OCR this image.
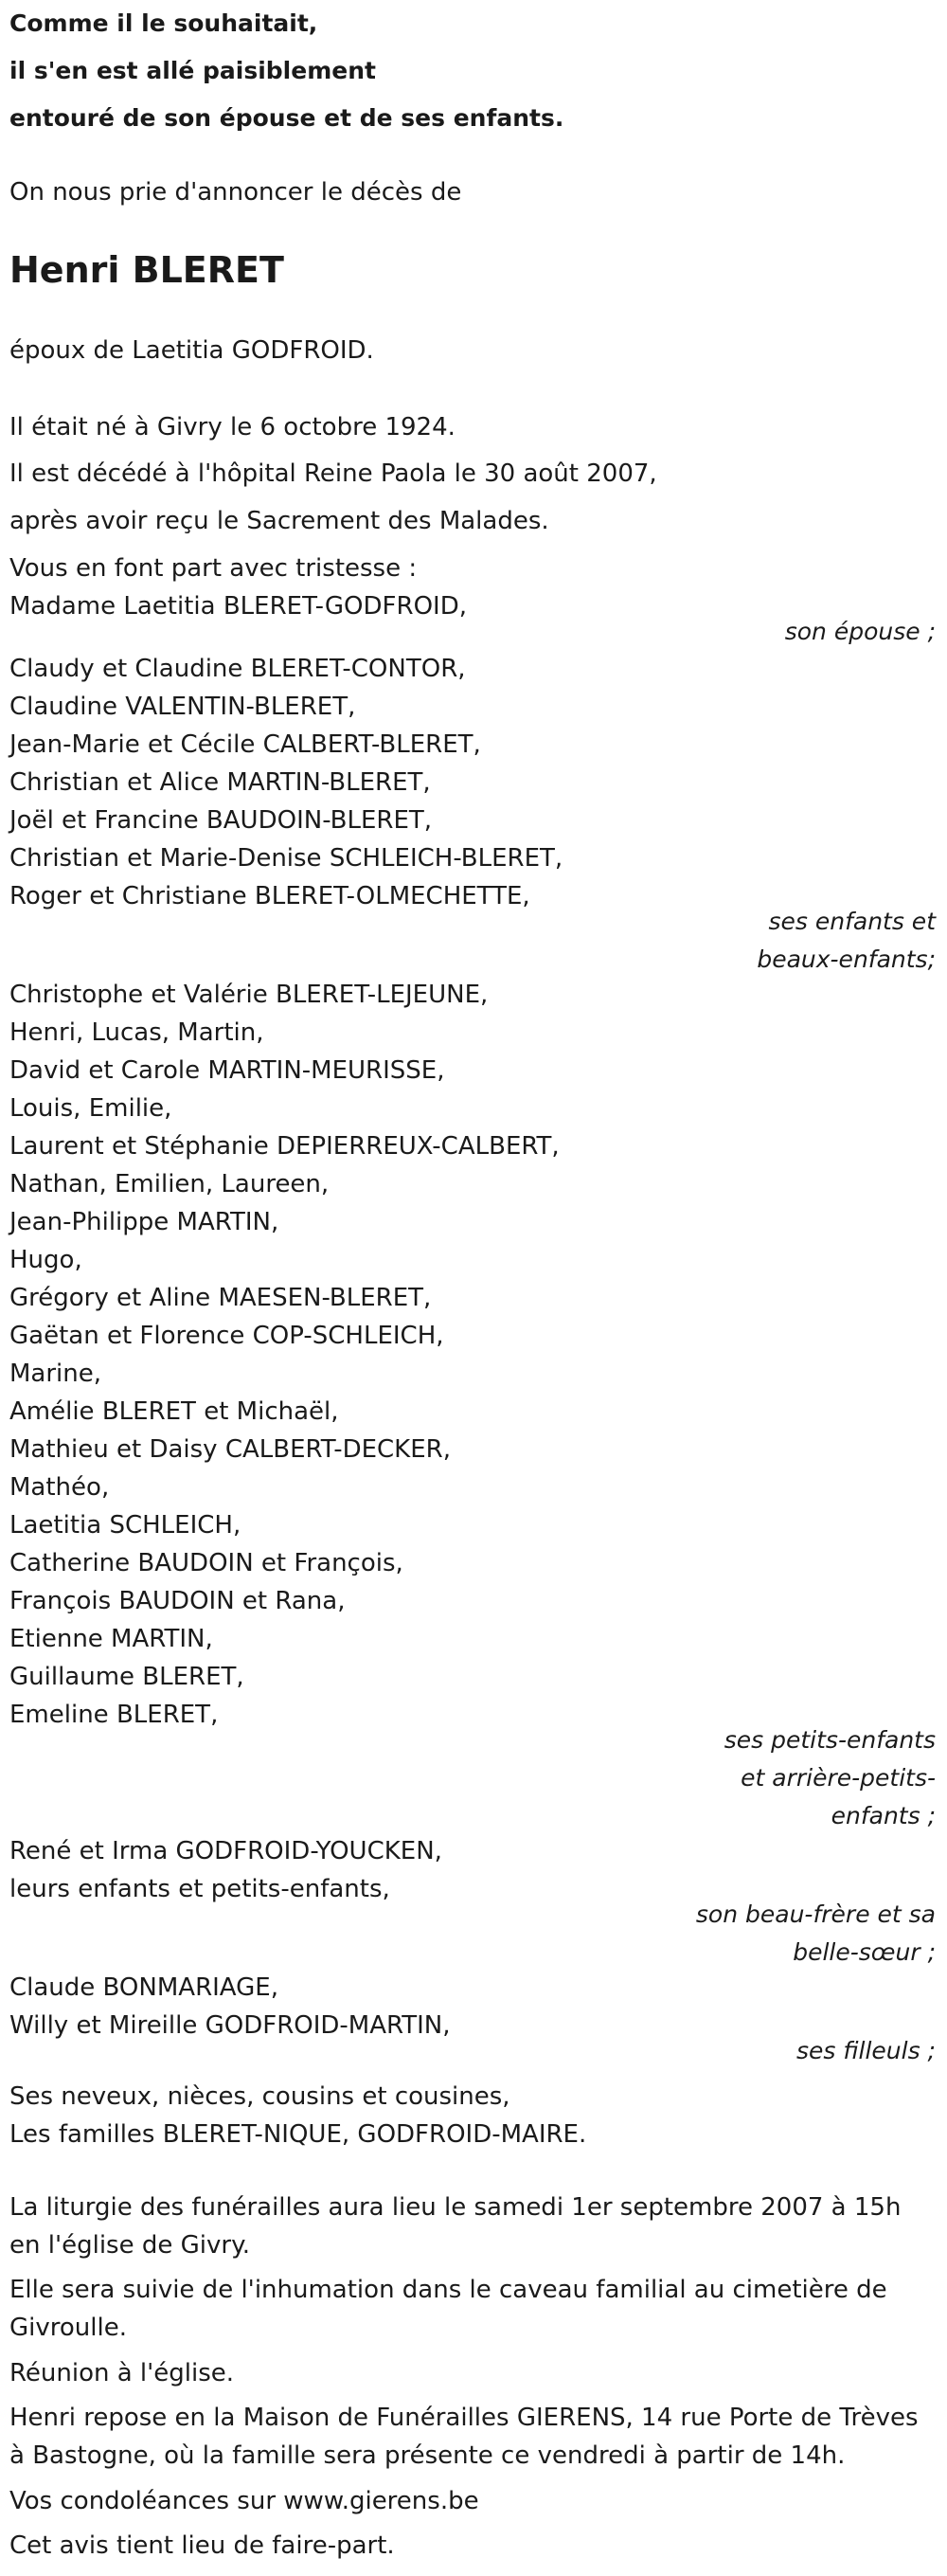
Comme il le souhaitait,
il s'en est allé paisiblement
entouré de son épouse et de ses enfants.
On nous prie d'annoncer le décès de
Henri BLERET
époux de Laetitia GODFROID.
Il était né à Givry le 6 octobre 1924.
Il est décédé à l'hôpital Reine Paola le 30 août 2007,
après avoir reçu le Sacrement des Malades.
Vous en font part avec tristesse :
Madame Laetitia BLERET-GODFROID,
son épouse ;
Claudy et Claudine BLERET-CONTOR,
Claudine VALENTIN-BLERET,
Jean-Marie et Cécile CALBERT-BLERET,
Christian et Alice MARTIN-BLERET,
Joël et Francine BAUDOIN-BLERET,
Christian et Marie-Denise SCHLEICH-BLERET,
Roger et Christiane BLERET-OLMECHETTE,
ses enfants et
beaux-enfants;
Christophe et Valérie BLERET-LEJEUNE,
Henri, Lucas, Martin,
David et Carole MARTIN-MEURISSE,
Louis, Emilie,
Laurent et Stéphanie DEPIERREUX-CALBERT,
Nathan, Emilien, Laureen,
Jean-Philippe MARTIN,
Hugo,
Grégory et Aline MAESEN-BLERET,
Gaëtan et Florence COP-SCHLEICH,
Marine,
Amélie BLERET et Michaël,
Mathieu et Daisy CALBERT-DECKER,
Mathéo,
Laetitia SCHLEICH,
Catherine BAUDOIN et François,
François BAUDOIN et Rana,
Etienne MARTIN,
Guillaume BLERET,
Emeline BLERET,
ses petits-enfants
et arrière-petits-
enfants ;
René et Irma GODFROID-YOUCKEN,
leurs enfants et petits-enfants,
son beau-frère et sa
belle-sœur ;
Claude BONMARIAGE,
Willy et Mireille GODFROID-MARTIN,
ses filleuls ;
Ses neveux, nièces, cousins et cousines,
Les familles BLERET-NIQUE, GODFROID-MAIRE.
La liturgie des funérailles aura lieu le samedi 1er septembre 2007 à 15h
en l'église de Givry.
Elle sera suivie de l'inhumation dans le caveau familial au cimetière de
Givroulle.
Réunion à l'église.
Henri repose en la Maison de Funérailles GIERENS, 14 rue Porte de Trèves
à Bastogne, où la famille sera présente ce vendredi à partir de 14h.
Vos condoléances sur www.gierens.be
Cet avis tient lieu de faire-part.
